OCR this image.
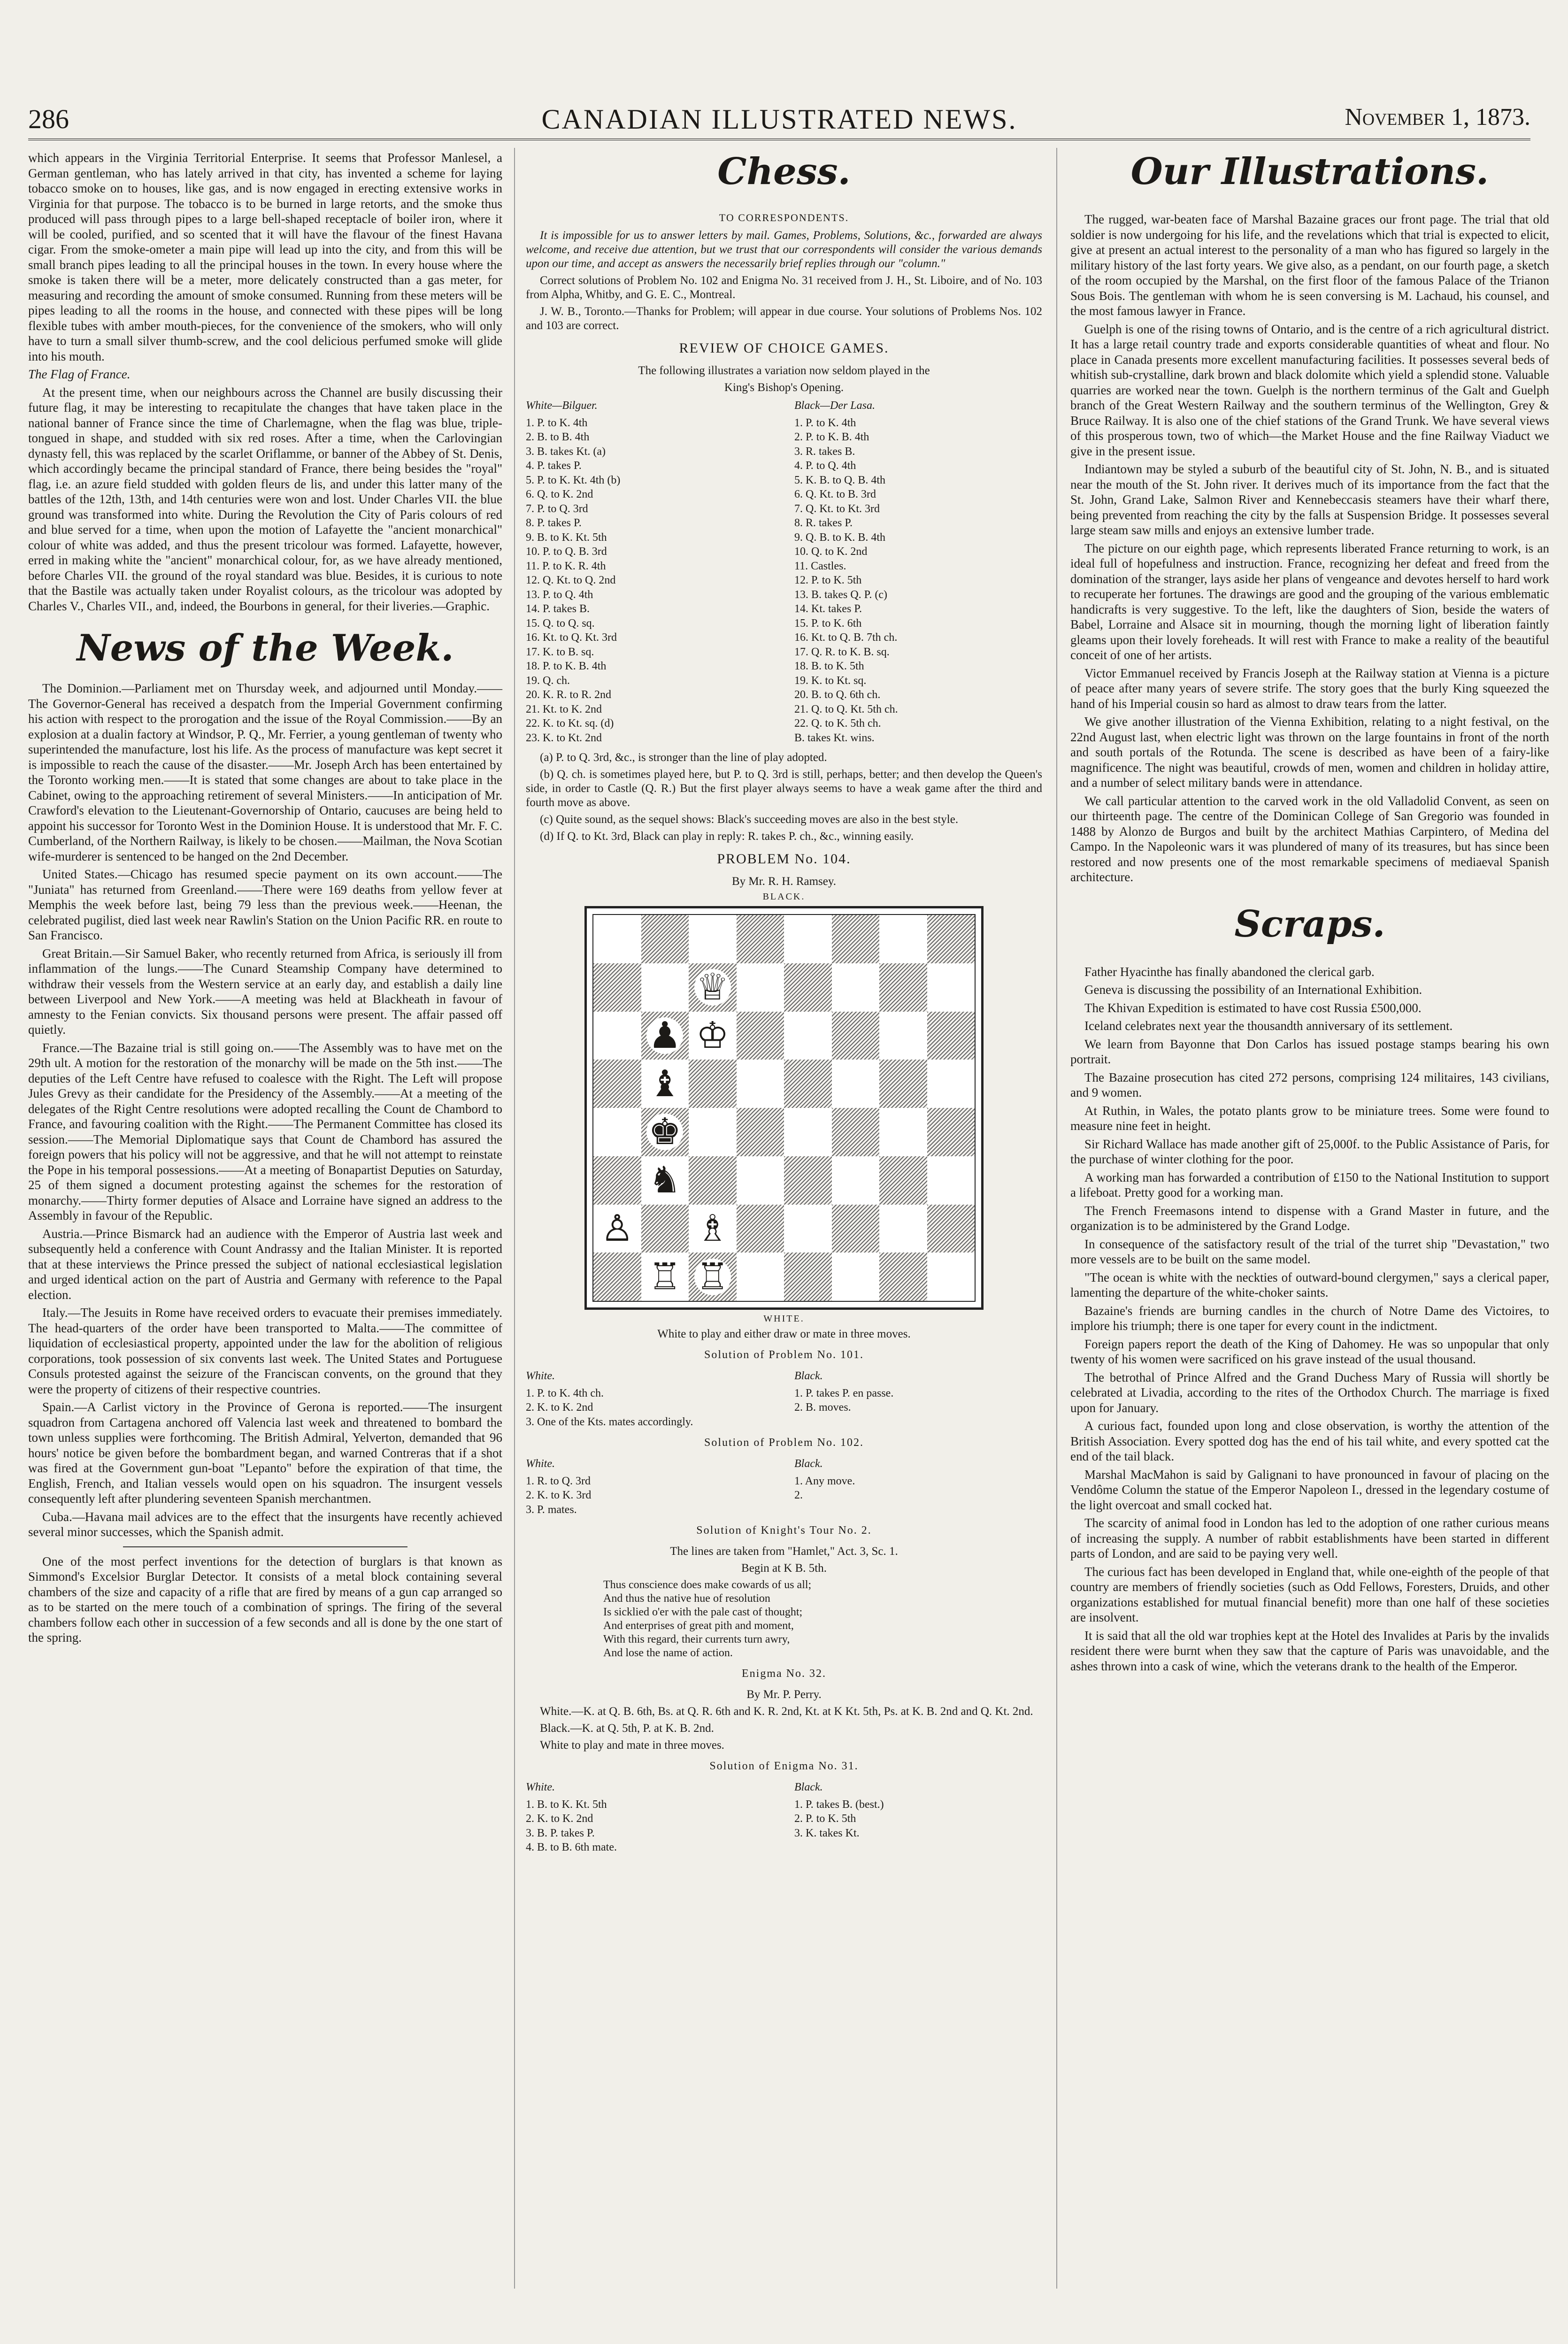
286	CANADIAN ILLUSTRATED NEWS.	November 1, 1873.

which appears in the Virginia Territorial Enterprise. It seems that Professor Manlesel, a German gentleman, who has lately arrived in that city, has invented a scheme for laying tobacco smoke on to houses, like gas, and is now engaged in erecting extensive works in Virginia for that purpose. The tobacco is to be burned in large retorts, and the smoke thus produced will pass through pipes to a large bell-shaped receptacle of boiler iron, where it will be cooled, purified, and so scented that it will have the flavour of the finest Havana cigar. From the smoke-ometer a main pipe will lead up into the city, and from this will be small branch pipes leading to all the principal houses in the town. In every house where the smoke is taken there will be a meter, more delicately constructed than a gas meter, for measuring and recording the amount of smoke consumed. Running from these meters will be pipes leading to all the rooms in the house, and connected with these pipes will be long flexible tubes with amber mouth-pieces, for the convenience of the smokers, who will only have to turn a small silver thumb-screw, and the cool delicious perfumed smoke will glide into his mouth.

The Flag of France.

At the present time, when our neighbours across the Channel are busily discussing their future flag, it may be interesting to recapitulate the changes that have taken place in the national banner of France since the time of Charlemagne, when the flag was blue, triple-tongued in shape, and studded with six red roses. After a time, when the Carlovingian dynasty fell, this was replaced by the scarlet Oriflamme, or banner of the Abbey of St. Denis, which accordingly became the principal standard of France, there being besides the "royal" flag, i.e. an azure field studded with golden fleurs de lis, and under this latter many of the battles of the 12th, 13th, and 14th centuries were won and lost. Under Charles VII. the blue ground was transformed into white. During the Revolution the City of Paris colours of red and blue served for a time, when upon the motion of Lafayette the "ancient monarchical" colour of white was added, and thus the present tricolour was formed. Lafayette, however, erred in making white the "ancient" monarchical colour, for, as we have already mentioned, before Charles VII. the ground of the royal standard was blue. Besides, it is curious to note that the Bastile was actually taken under Royalist colours, as the tricolour was adopted by Charles V., Charles VII., and, indeed, the Bourbons in general, for their liveries.—Graphic.

News of the Week.

The Dominion.—Parliament met on Thursday week, and adjourned until Monday.——The Governor-General has received a despatch from the Imperial Government confirming his action with respect to the prorogation and the issue of the Royal Commission.——By an explosion at a dualin factory at Windsor, P. Q., Mr. Ferrier, a young gentleman of twenty who superintended the manufacture, lost his life. As the process of manufacture was kept secret it is impossible to reach the cause of the disaster.——Mr. Joseph Arch has been entertained by the Toronto working men.——It is stated that some changes are about to take place in the Cabinet, owing to the approaching retirement of several Ministers.——In anticipation of Mr. Crawford's elevation to the Lieutenant-Governorship of Ontario, caucuses are being held to appoint his successor for Toronto West in the Dominion House. It is understood that Mr. F. C. Cumberland, of the Northern Railway, is likely to be chosen.——Mailman, the Nova Scotian wife-murderer is sentenced to be hanged on the 2nd December.

United States.—Chicago has resumed specie payment on its own account.——The "Juniata" has returned from Greenland.——There were 169 deaths from yellow fever at Memphis the week before last, being 79 less than the previous week.——Heenan, the celebrated pugilist, died last week near Rawlin's Station on the Union Pacific RR. en route to San Francisco.

Great Britain.—Sir Samuel Baker, who recently returned from Africa, is seriously ill from inflammation of the lungs.——The Cunard Steamship Company have determined to withdraw their vessels from the Western service at an early day, and establish a daily line between Liverpool and New York.——A meeting was held at Blackheath in favour of amnesty to the Fenian convicts. Six thousand persons were present. The affair passed off quietly.

France.—The Bazaine trial is still going on.——The Assembly was to have met on the 29th ult. A motion for the restoration of the monarchy will be made on the 5th inst.——The deputies of the Left Centre have refused to coalesce with the Right. The Left will propose Jules Grevy as their candidate for the Presidency of the Assembly.——At a meeting of the delegates of the Right Centre resolutions were adopted recalling the Count de Chambord to France, and favouring coalition with the Right.——The Permanent Committee has closed its session.——The Memorial Diplomatique says that Count de Chambord has assured the foreign powers that his policy will not be aggressive, and that he will not attempt to reinstate the Pope in his temporal possessions.——At a meeting of Bonapartist Deputies on Saturday, 25 of them signed a document protesting against the schemes for the restoration of monarchy.——Thirty former deputies of Alsace and Lorraine have signed an address to the Assembly in favour of the Republic.

Austria.—Prince Bismarck had an audience with the Emperor of Austria last week and subsequently held a conference with Count Andrassy and the Italian Minister. It is reported that at these interviews the Prince pressed the subject of national ecclesiastical legislation and urged identical action on the part of Austria and Germany with reference to the Papal election.

Italy.—The Jesuits in Rome have received orders to evacuate their premises immediately. The head-quarters of the order have been transported to Malta.——The committee of liquidation of ecclesiastical property, appointed under the law for the abolition of religious corporations, took possession of six convents last week. The United States and Portuguese Consuls protested against the seizure of the Franciscan convents, on the ground that they were the property of citizens of their respective countries.

Spain.—A Carlist victory in the Province of Gerona is reported.——The insurgent squadron from Cartagena anchored off Valencia last week and threatened to bombard the town unless supplies were forthcoming. The British Admiral, Yelverton, demanded that 96 hours' notice be given before the bombardment began, and warned Contreras that if a shot was fired at the Government gun-boat "Lepanto" before the expiration of that time, the English, French, and Italian vessels would open on his squadron. The insurgent vessels consequently left after plundering seventeen Spanish merchantmen.

Cuba.—Havana mail advices are to the effect that the insurgents have recently achieved several minor successes, which the Spanish admit.

One of the most perfect inventions for the detection of burglars is that known as Simmond's Excelsior Burglar Detector. It consists of a metal block containing several chambers of the size and capacity of a rifle that are fired by means of a gun cap arranged so as to be started on the mere touch of a combination of springs. The firing of the several chambers follow each other in succession of a few seconds and all is done by the one start of the spring.

Chess.
TO CORRESPONDENTS.

It is impossible for us to answer letters by mail. Games, Problems, Solutions, &c., forwarded are always welcome, and receive due attention, but we trust that our correspondents will consider the various demands upon our time, and accept as answers the necessarily brief replies through our "column."

Correct solutions of Problem No. 102 and Enigma No. 31 received from J. H., St. Liboire, and of No. 103 from Alpha, Whitby, and G. E. C., Montreal.

J. W. B., Toronto.—Thanks for Problem; will appear in due course. Your solutions of Problems Nos. 102 and 103 are correct.

REVIEW OF CHOICE GAMES.

The following illustrates a variation now seldom played in the

King's Bishop's Opening.

White—Bilguer.
1. P. to K. 4th
2. B. to B. 4th
3. B. takes Kt. (a)
4. P. takes P.
5. P. to K. Kt. 4th (b)
6. Q. to K. 2nd
7. P. to Q. 3rd
8. P. takes P.
9. B. to K. Kt. 5th
10. P. to Q. B. 3rd
11. P. to K. R. 4th
12. Q. Kt. to Q. 2nd
13. P. to Q. 4th
14. P. takes B.
15. Q. to Q. sq.
16. Kt. to Q. Kt. 3rd
17. K. to B. sq.
18. P. to K. B. 4th
19. Q. ch.
20. K. R. to R. 2nd
21. Kt. to K. 2nd
22. K. to Kt. sq. (d)
23. K. to Kt. 2nd
Black—Der Lasa.
1. P. to K. 4th
2. P. to K. B. 4th
3. R. takes B.
4. P. to Q. 4th
5. K. B. to Q. B. 4th
6. Q. Kt. to B. 3rd
7. Q. Kt. to Kt. 3rd
8. R. takes P.
9. Q. B. to K. B. 4th
10. Q. to K. 2nd
11. Castles.
12. P. to K. 5th
13. B. takes Q. P. (c)
14. Kt. takes P.
15. P. to K. 6th
16. Kt. to Q. B. 7th ch.
17. Q. R. to K. B. sq.
18. B. to K. 5th
19. K. to Kt. sq.
20. B. to Q. 6th ch.
21. Q. to Q. Kt. 5th ch.
22. Q. to K. 5th ch.
B. takes Kt. wins.

(a) P. to Q. 3rd, &c., is stronger than the line of play adopted.

(b) Q. ch. is sometimes played here, but P. to Q. 3rd is still, perhaps, better; and then develop the Queen's side, in order to Castle (Q. R.) But the first player always seems to have a weak game after the third and fourth move as above.

(c) Quite sound, as the sequel shows: Black's succeeding moves are also in the best style.

(d) If Q. to Kt. 3rd, Black can play in reply: R. takes P. ch., &c., winning easily.

PROBLEM No. 104.

By Mr. R. H. Ramsey.

BLACK.
♕
♟ ♔
♝
♚
♞
♙ ♗
♖ ♖
WHITE.

White to play and either draw or mate in three moves.

Solution of Problem No. 101.
White.
1. P. to K. 4th ch.
2. K. to K. 2nd
3. One of the Kts. mates accordingly.
Black.
1. P. takes P. en passe.
2. B. moves.
Solution of Problem No. 102.
White.
1. R. to Q. 3rd
2. K. to K. 3rd
3. P. mates.
Black.
1. Any move.
2.
Solution of Knight's Tour No. 2.

The lines are taken from "Hamlet," Act. 3, Sc. 1.

Begin at K B. 5th.

Thus conscience does make cowards of us all;
And thus the native hue of resolution
Is sicklied o'er with the pale cast of thought;
And enterprises of great pith and moment,
With this regard, their currents turn awry,
And lose the name of action.
Enigma No. 32.

By Mr. P. Perry.

White.—K. at Q. B. 6th, Bs. at Q. R. 6th and K. R. 2nd, Kt. at K Kt. 5th, Ps. at K. B. 2nd and Q. Kt. 2nd.

Black.—K. at Q. 5th, P. at K. B. 2nd.

White to play and mate in three moves.

Solution of Enigma No. 31.
White.
1. B. to K. Kt. 5th
2. K. to K. 2nd
3. B. P. takes P.
4. B. to B. 6th mate.
Black.
1. P. takes B. (best.)
2. P. to K. 5th
3. K. takes Kt.
Our Illustrations.

The rugged, war-beaten face of Marshal Bazaine graces our front page. The trial that old soldier is now undergoing for his life, and the revelations which that trial is expected to elicit, give at present an actual interest to the personality of a man who has figured so largely in the military history of the last forty years. We give also, as a pendant, on our fourth page, a sketch of the room occupied by the Marshal, on the first floor of the famous Palace of the Trianon Sous Bois. The gentleman with whom he is seen conversing is M. Lachaud, his counsel, and the most famous lawyer in France.

Guelph is one of the rising towns of Ontario, and is the centre of a rich agricultural district. It has a large retail country trade and exports considerable quantities of wheat and flour. No place in Canada presents more excellent manufacturing facilities. It possesses several beds of whitish sub-crystalline, dark brown and black dolomite which yield a splendid stone. Valuable quarries are worked near the town. Guelph is the northern terminus of the Galt and Guelph branch of the Great Western Railway and the southern terminus of the Wellington, Grey & Bruce Railway. It is also one of the chief stations of the Grand Trunk. We have several views of this prosperous town, two of which—the Market House and the fine Railway Viaduct we give in the present issue.

Indiantown may be styled a suburb of the beautiful city of St. John, N. B., and is situated near the mouth of the St. John river. It derives much of its importance from the fact that the St. John, Grand Lake, Salmon River and Kennebeccasis steamers have their wharf there, being prevented from reaching the city by the falls at Suspension Bridge. It possesses several large steam saw mills and enjoys an extensive lumber trade.

The picture on our eighth page, which represents liberated France returning to work, is an ideal full of hopefulness and instruction. France, recognizing her defeat and freed from the domination of the stranger, lays aside her plans of vengeance and devotes herself to hard work to recuperate her fortunes. The drawings are good and the grouping of the various emblematic handicrafts is very suggestive. To the left, like the daughters of Sion, beside the waters of Babel, Lorraine and Alsace sit in mourning, though the morning light of liberation faintly gleams upon their lovely foreheads. It will rest with France to make a reality of the beautiful conceit of one of her artists.

Victor Emmanuel received by Francis Joseph at the Railway station at Vienna is a picture of peace after many years of severe strife. The story goes that the burly King squeezed the hand of his Imperial cousin so hard as almost to draw tears from the latter.

We give another illustration of the Vienna Exhibition, relating to a night festival, on the 22nd August last, when electric light was thrown on the large fountains in front of the north and south portals of the Rotunda. The scene is described as have been of a fairy-like magnificence. The night was beautiful, crowds of men, women and children in holiday attire, and a number of select military bands were in attendance.

We call particular attention to the carved work in the old Valladolid Convent, as seen on our thirteenth page. The centre of the Dominican College of San Gregorio was founded in 1488 by Alonzo de Burgos and built by the architect Mathias Carpintero, of Medina del Campo. In the Napoleonic wars it was plundered of many of its treasures, but has since been restored and now presents one of the most remarkable specimens of mediaeval Spanish architecture.

Scraps.

Father Hyacinthe has finally abandoned the clerical garb.

Geneva is discussing the possibility of an International Exhibition.

The Khivan Expedition is estimated to have cost Russia £500,000.

Iceland celebrates next year the thousandth anniversary of its settlement.

We learn from Bayonne that Don Carlos has issued postage stamps bearing his own portrait.

The Bazaine prosecution has cited 272 persons, comprising 124 militaires, 143 civilians, and 9 women.

At Ruthin, in Wales, the potato plants grow to be miniature trees. Some were found to measure nine feet in height.

Sir Richard Wallace has made another gift of 25,000f. to the Public Assistance of Paris, for the purchase of winter clothing for the poor.

A working man has forwarded a contribution of £150 to the National Institution to support a lifeboat. Pretty good for a working man.

The French Freemasons intend to dispense with a Grand Master in future, and the organization is to be administered by the Grand Lodge.

In consequence of the satisfactory result of the trial of the turret ship "Devastation," two more vessels are to be built on the same model.

"The ocean is white with the neckties of outward-bound clergymen," says a clerical paper, lamenting the departure of the white-choker saints.

Bazaine's friends are burning candles in the church of Notre Dame des Victoires, to implore his triumph; there is one taper for every count in the indictment.

Foreign papers report the death of the King of Dahomey. He was so unpopular that only twenty of his women were sacrificed on his grave instead of the usual thousand.

The betrothal of Prince Alfred and the Grand Duchess Mary of Russia will shortly be celebrated at Livadia, according to the rites of the Orthodox Church. The marriage is fixed upon for January.

A curious fact, founded upon long and close observation, is worthy the attention of the British Association. Every spotted dog has the end of his tail white, and every spotted cat the end of the tail black.

Marshal MacMahon is said by Galignani to have pronounced in favour of placing on the Vendôme Column the statue of the Emperor Napoleon I., dressed in the legendary costume of the light overcoat and small cocked hat.

The scarcity of animal food in London has led to the adoption of one rather curious means of increasing the supply. A number of rabbit establishments have been started in different parts of London, and are said to be paying very well.

The curious fact has been developed in England that, while one-eighth of the people of that country are members of friendly societies (such as Odd Fellows, Foresters, Druids, and other organizations established for mutual financial benefit) more than one half of these societies are insolvent.

It is said that all the old war trophies kept at the Hotel des Invalides at Paris by the invalids resident there were burnt when they saw that the capture of Paris was unavoidable, and the ashes thrown into a cask of wine, which the veterans drank to the health of the Emperor.
